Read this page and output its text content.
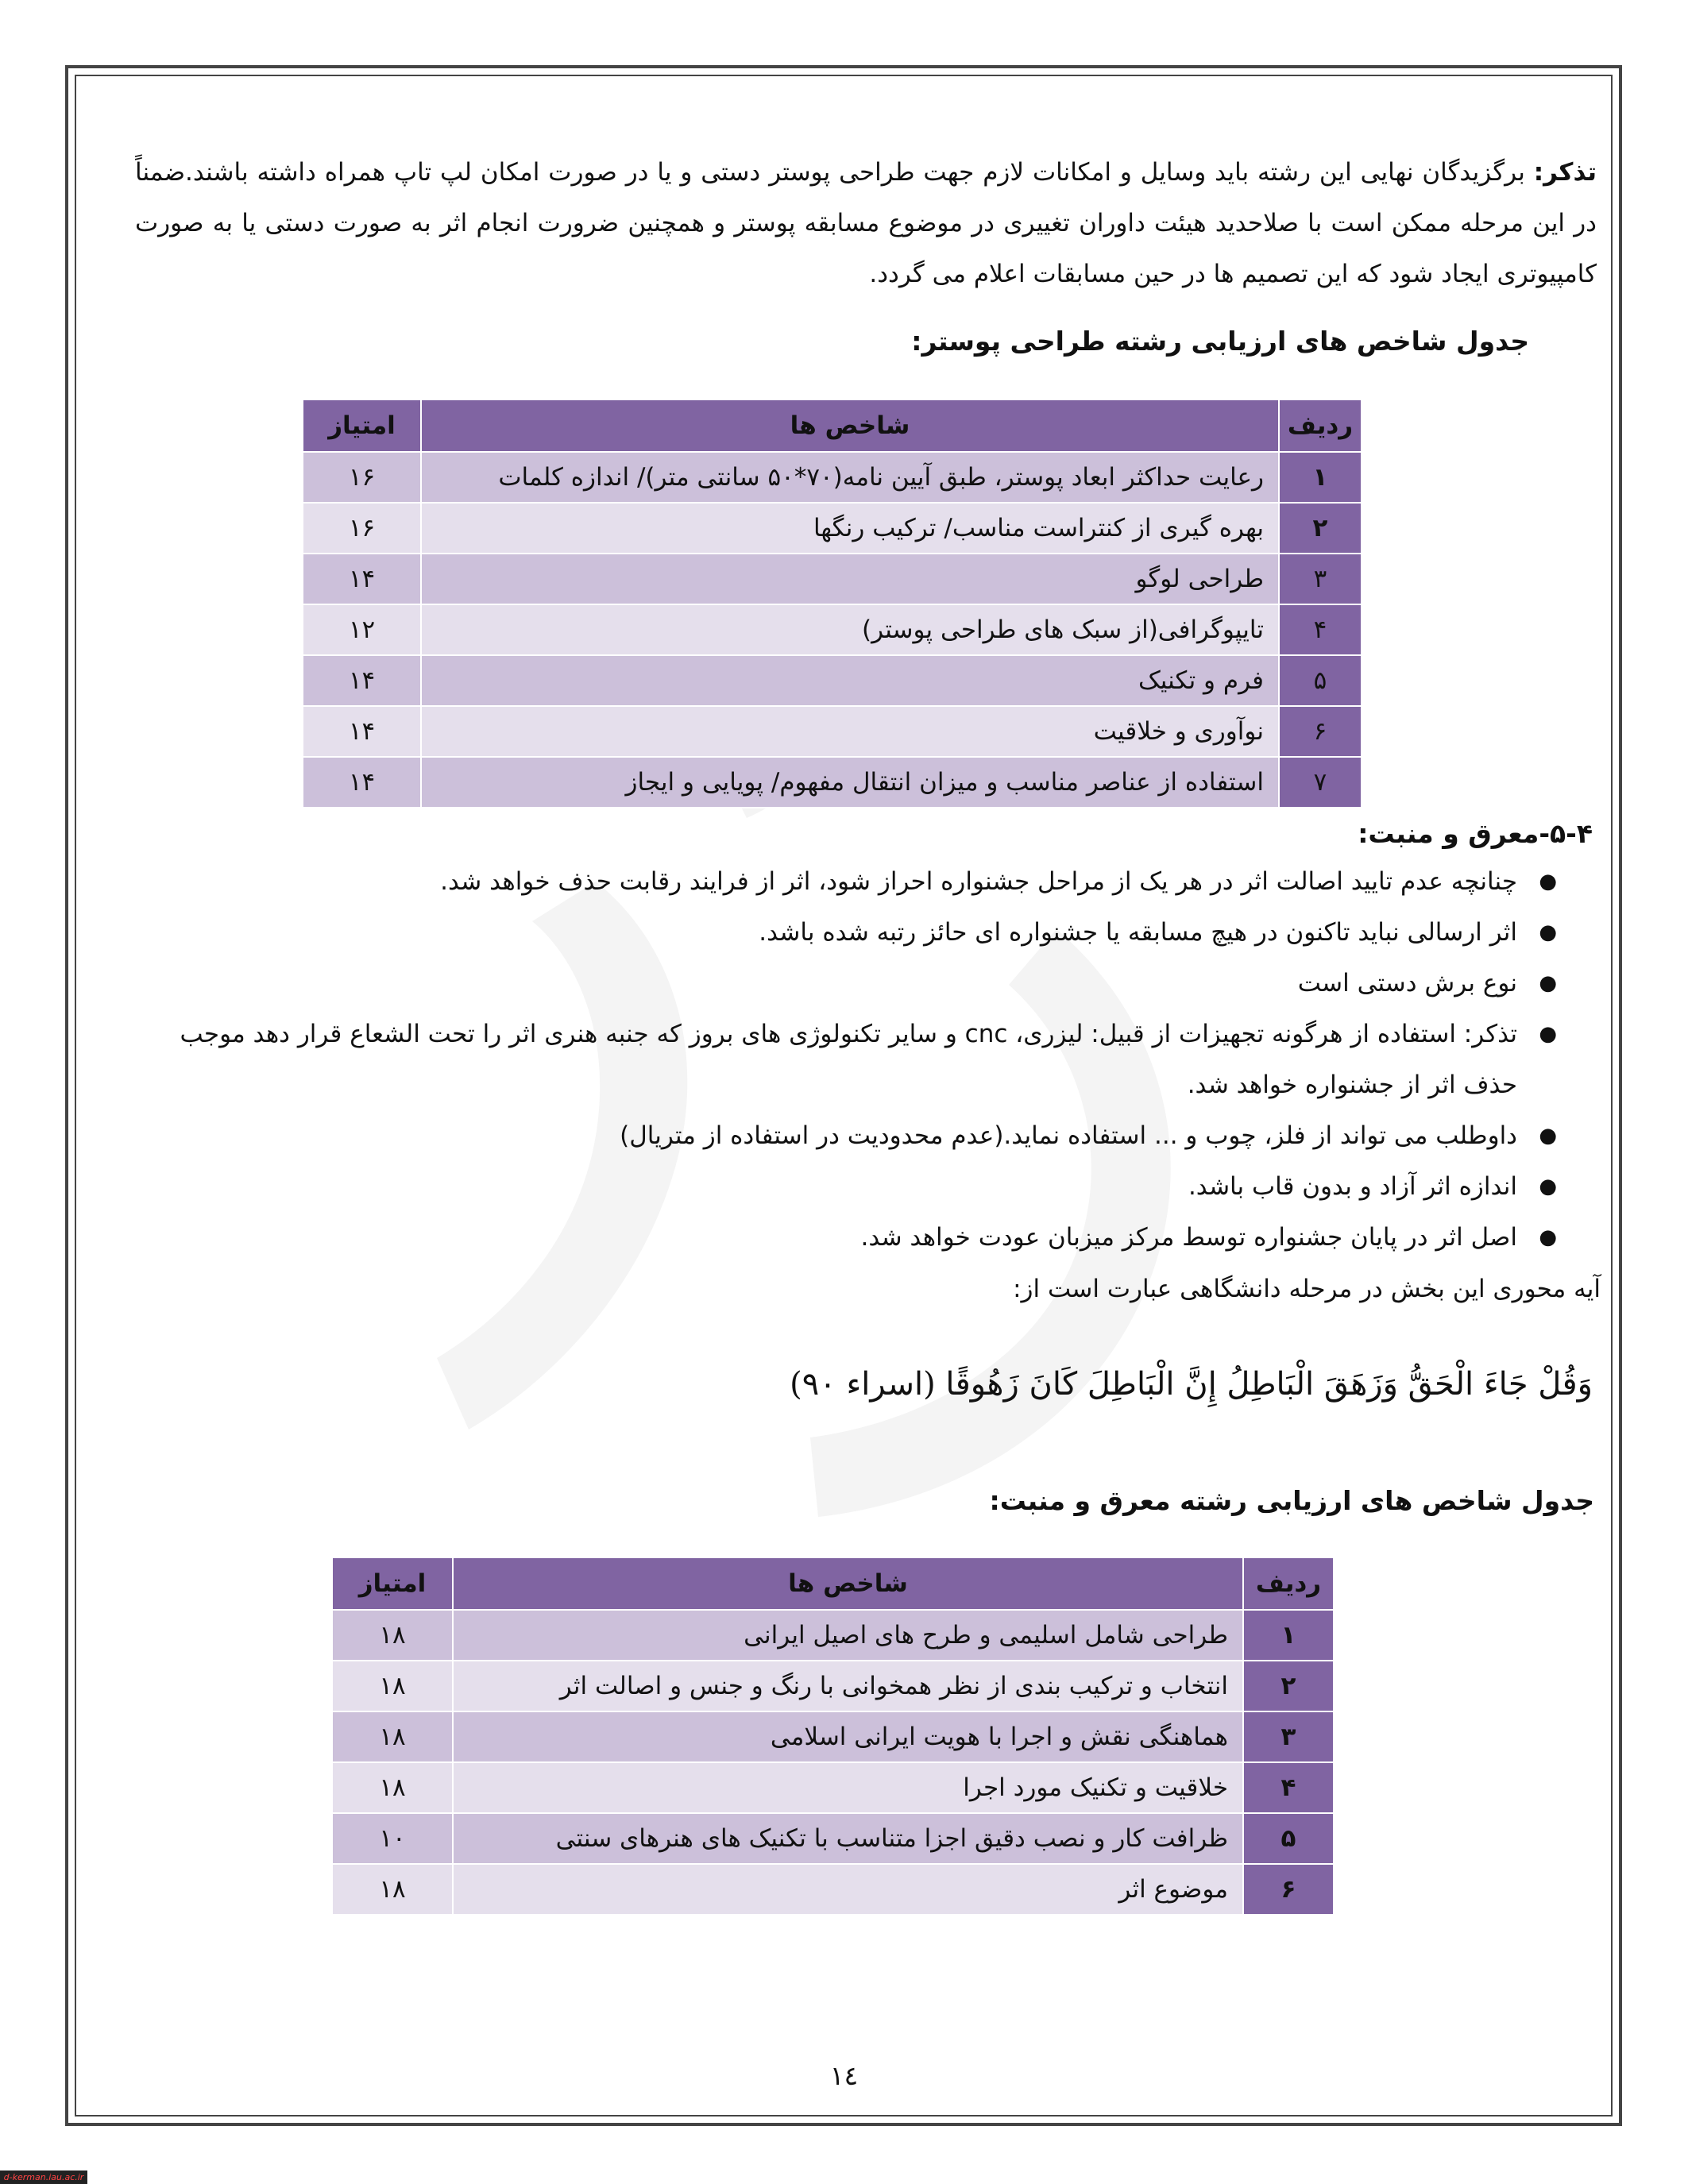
تذکر: برگزیدگان نهایی این رشته باید وسایل و امکانات لازم جهت طراحی پوستر دستی و یا در صورت امکان لپ تاپ همراه داشته باشند.ضمناً در این مرحله ممکن است با صلاحدید هیئت داوران تغییری در موضوع مسابقه پوستر و همچنین ضرورت انجام اثر به صورت دستی یا به صورت کامپیوتری ایجاد شود که این تصمیم ها در حین مسابقات اعلام می گردد.
جدول شاخص های ارزیابی رشته طراحی پوستر:
ردیف	شاخص ها	امتیاز
۱	رعایت حداکثر ابعاد پوستر، طبق آیین نامه(۷۰*۵۰ سانتی متر)/ اندازه کلمات	۱۶
۲	بهره گیری از کنتراست مناسب/ ترکیب رنگها	۱۶
۳	طراحی لوگو	۱۴
۴	تایپوگرافی(از سبک های طراحی پوستر)	۱۲
۵	فرم و تکنیک	۱۴
۶	نوآوری و خلاقیت	۱۴
۷	استفاده از عناصر مناسب و میزان انتقال مفهوم/ پویایی و ایجاز	۱۴
۵-۴-معرق و منبت:
●
چنانچه عدم تایید اصالت اثر در هر یک از مراحل جشنواره احراز شود، اثر از فرایند رقابت حذف خواهد شد.
●
اثر ارسالی نباید تاکنون در هیچ مسابقه یا جشنواره ای حائز رتبه شده باشد.
●
نوع برش دستی است
●
تذکر: استفاده از هرگونه تجهیزات از قبیل: لیزری، cnc و سایر تکنولوژی های بروز که جنبه هنری اثر را تحت الشعاع قرار دهد موجب حذف اثر از جشنواره خواهد شد.
●
داوطلب می تواند از فلز، چوب و ... استفاده نماید.(عدم محدودیت در استفاده از متریال)
●
اندازه اثر آزاد و بدون قاب باشد.
●
اصل اثر در پایان جشنواره توسط مرکز میزبان عودت خواهد شد.
آیه محوری این بخش در مرحله دانشگاهی عبارت است از:
وَقُلْ جَاءَ الْحَقُّ وَزَهَقَ الْبَاطِلُ إِنَّ الْبَاطِلَ كَانَ زَهُوقًا (اسراء ۹۰)
جدول شاخص های ارزیابی رشته معرق و منبت:
ردیف	شاخص ها	امتیاز
۱	طراحی شامل اسلیمی و طرح های اصیل ایرانی	۱۸
۲	انتخاب و ترکیب بندی از نظر همخوانی با رنگ و جنس و اصالت اثر	۱۸
۳	هماهنگی نقش و اجرا با هویت ایرانی اسلامی	۱۸
۴	خلاقیت و تکنیک مورد اجرا	۱۸
۵	ظرافت کار و نصب دقیق اجزا متناسب با تکنیک های هنرهای سنتی	۱۰
۶	موضوع اثر	۱۸
۱٤
d-kerman.iau.ac.ir
